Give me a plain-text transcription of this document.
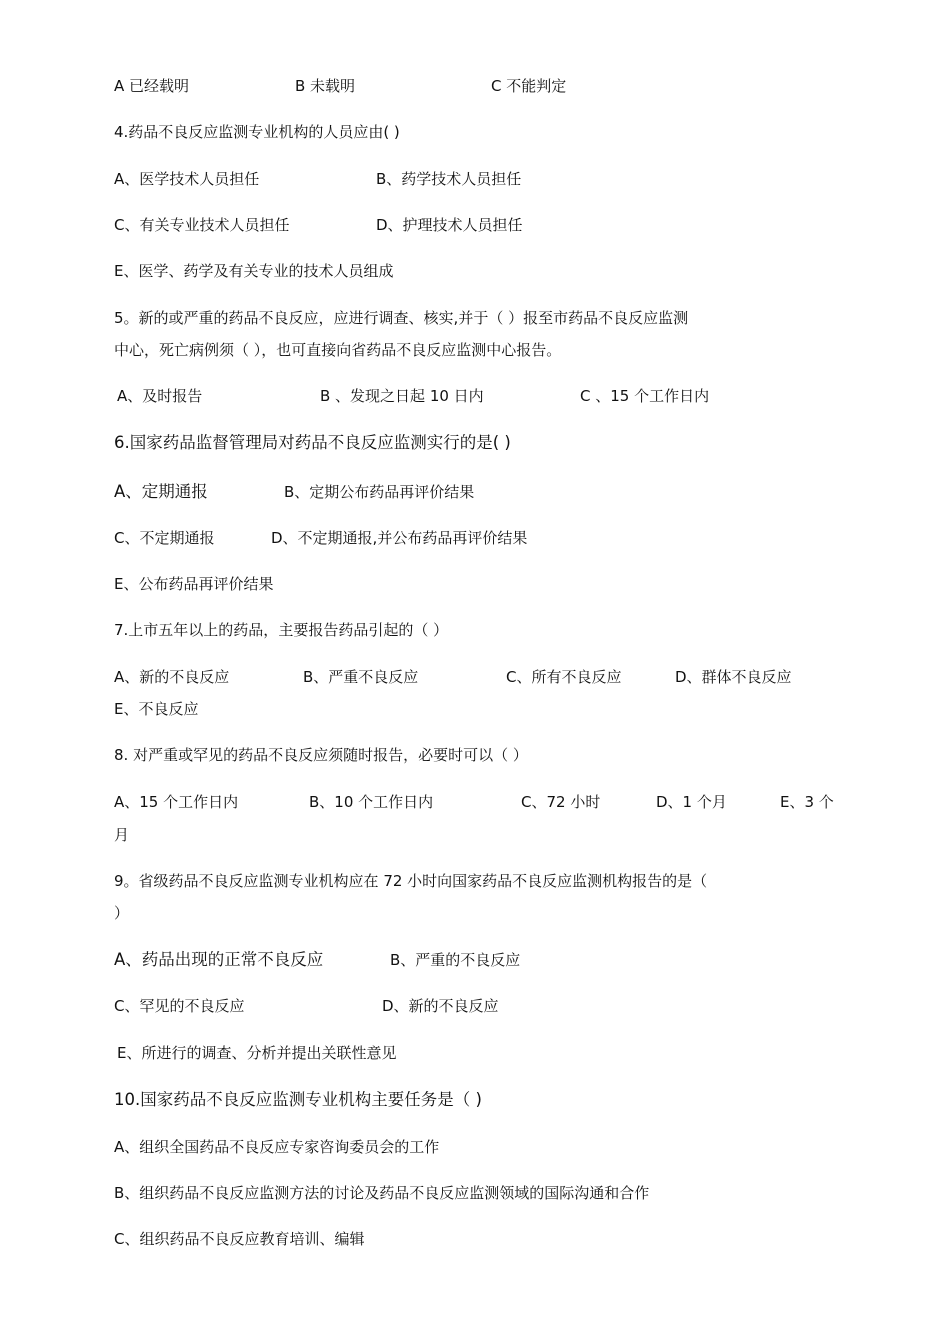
A 已经载明	B 未载明	C 不能判定
4.药品不良反应监测专业机构的人员应由( )
A、医学技术人员担任	B、药学技术人员担任
C、有关专业技术人员担任	D、护理技术人员担任
E、医学、药学及有关专业的技术人员组成
5。新的或严重的药品不良反应，应进行调查、核实,并于（ ）报至市药品不良反应监测
中心，死亡病例须（ ），也可直接向省药品不良反应监测中心报告。
A、及时报告	B 、发现之日起 10 日内	C 、15 个工作日内
6.国家药品监督管理局对药品不良反应监测实行的是( )
A、定期通报	B、定期公布药品再评价结果
C、不定期通报	D、不定期通报,并公布药品再评价结果
E、公布药品再评价结果
7.上市五年以上的药品，主要报告药品引起的（ ）
A、新的不良反应	B、严重不良反应	C、所有不良反应	D、群体不良反应
E、不良反应
8. 对严重或罕见的药品不良反应须随时报告，必要时可以（ ）
A、15 个工作日内	B、10 个工作日内	C、72 小时	D、1 个月	E、3 个
月
9。省级药品不良反应监测专业机构应在 72 小时向国家药品不良反应监测机构报告的是（
）
A、药品出现的正常不良反应	B、严重的不良反应
C、罕见的不良反应	D、新的不良反应
E、所进行的调查、分析并提出关联性意见
10.国家药品不良反应监测专业机构主要任务是（ )
A、组织全国药品不良反应专家咨询委员会的工作
B、组织药品不良反应监测方法的讨论及药品不良反应监测领域的国际沟通和合作
C、组织药品不良反应教育培训、编辑
